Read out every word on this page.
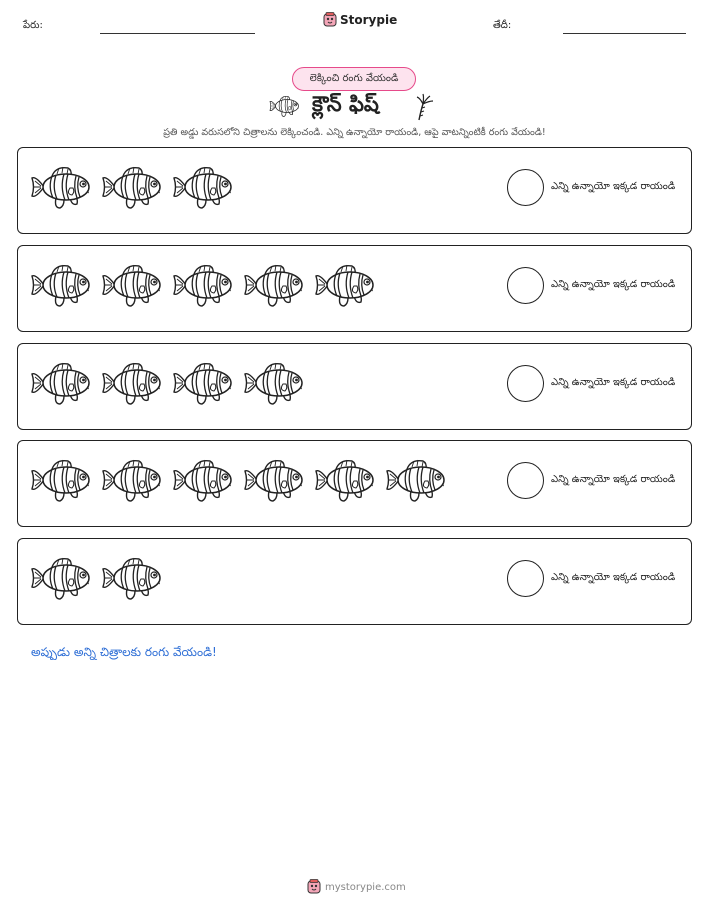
పేరు:	Storypie	తేదీ:
లెక్కించి రంగు వేయండి
క్లౌన్ ఫిష్
ప్రతి అడ్డు వరుసలోని చిత్రాలను లెక్కించండి. ఎన్ని ఉన్నాయో రాయండి, ఆపై వాటన్నింటికీ రంగు వేయండి!
ఎన్ని ఉన్నాయో ఇక్కడ రాయండి
ఎన్ని ఉన్నాయో ఇక్కడ రాయండి
ఎన్ని ఉన్నాయో ఇక్కడ రాయండి
ఎన్ని ఉన్నాయో ఇక్కడ రాయండి
ఎన్ని ఉన్నాయో ఇక్కడ రాయండి
అప్పుడు అన్ని చిత్రాలకు రంగు వేయండి!
mystorypie.com
